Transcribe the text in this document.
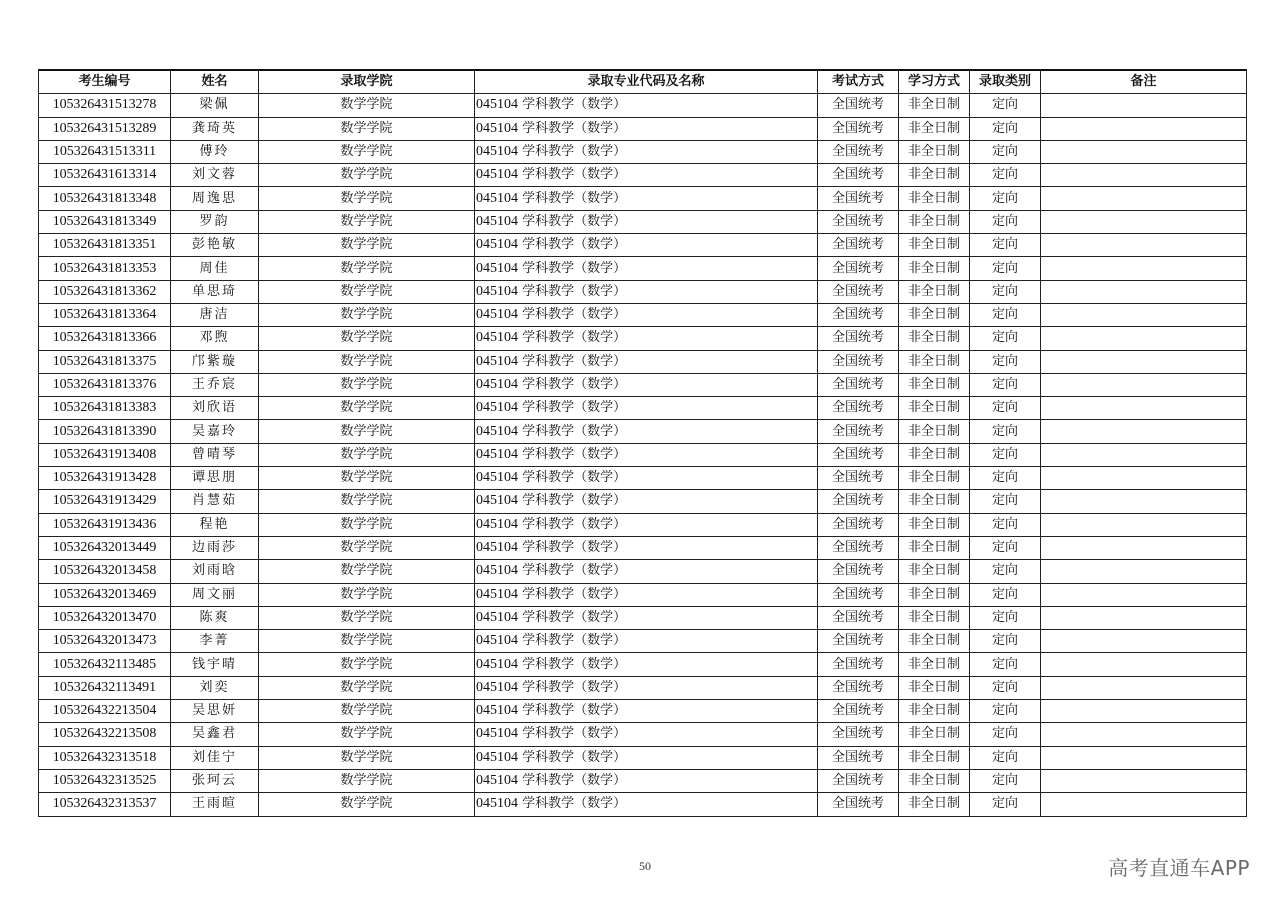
考生编号	姓名	录取学院	录取专业代码及名称	考试方式	学习方式	录取类别	备注
105326431513278	梁佩	数学学院	045104 学科教学（数学）	全国统考	非全日制	定向	
105326431513289	龚琦英	数学学院	045104 学科教学（数学）	全国统考	非全日制	定向	
105326431513311	傅玲	数学学院	045104 学科教学（数学）	全国统考	非全日制	定向	
105326431613314	刘文蓉	数学学院	045104 学科教学（数学）	全国统考	非全日制	定向	
105326431813348	周逸思	数学学院	045104 学科教学（数学）	全国统考	非全日制	定向	
105326431813349	罗韵	数学学院	045104 学科教学（数学）	全国统考	非全日制	定向	
105326431813351	彭艳敏	数学学院	045104 学科教学（数学）	全国统考	非全日制	定向	
105326431813353	周佳	数学学院	045104 学科教学（数学）	全国统考	非全日制	定向	
105326431813362	单思琦	数学学院	045104 学科教学（数学）	全国统考	非全日制	定向	
105326431813364	唐洁	数学学院	045104 学科教学（数学）	全国统考	非全日制	定向	
105326431813366	邓煦	数学学院	045104 学科教学（数学）	全国统考	非全日制	定向	
105326431813375	邝紫璇	数学学院	045104 学科教学（数学）	全国统考	非全日制	定向	
105326431813376	王乔宸	数学学院	045104 学科教学（数学）	全国统考	非全日制	定向	
105326431813383	刘欣语	数学学院	045104 学科教学（数学）	全国统考	非全日制	定向	
105326431813390	吴嘉玲	数学学院	045104 学科教学（数学）	全国统考	非全日制	定向	
105326431913408	曾晴琴	数学学院	045104 学科教学（数学）	全国统考	非全日制	定向	
105326431913428	谭思朋	数学学院	045104 学科教学（数学）	全国统考	非全日制	定向	
105326431913429	肖慧茹	数学学院	045104 学科教学（数学）	全国统考	非全日制	定向	
105326431913436	程艳	数学学院	045104 学科教学（数学）	全国统考	非全日制	定向	
105326432013449	边雨莎	数学学院	045104 学科教学（数学）	全国统考	非全日制	定向	
105326432013458	刘雨晗	数学学院	045104 学科教学（数学）	全国统考	非全日制	定向	
105326432013469	周文丽	数学学院	045104 学科教学（数学）	全国统考	非全日制	定向	
105326432013470	陈爽	数学学院	045104 学科教学（数学）	全国统考	非全日制	定向	
105326432013473	李菁	数学学院	045104 学科教学（数学）	全国统考	非全日制	定向	
105326432113485	钱宇晴	数学学院	045104 学科教学（数学）	全国统考	非全日制	定向	
105326432113491	刘奕	数学学院	045104 学科教学（数学）	全国统考	非全日制	定向	
105326432213504	吴思妍	数学学院	045104 学科教学（数学）	全国统考	非全日制	定向	
105326432213508	吴鑫君	数学学院	045104 学科教学（数学）	全国统考	非全日制	定向	
105326432313518	刘佳宁	数学学院	045104 学科教学（数学）	全国统考	非全日制	定向	
105326432313525	张珂云	数学学院	045104 学科教学（数学）	全国统考	非全日制	定向	
105326432313537	王雨暄	数学学院	045104 学科教学（数学）	全国统考	非全日制	定向	
50	高考直通车APP
